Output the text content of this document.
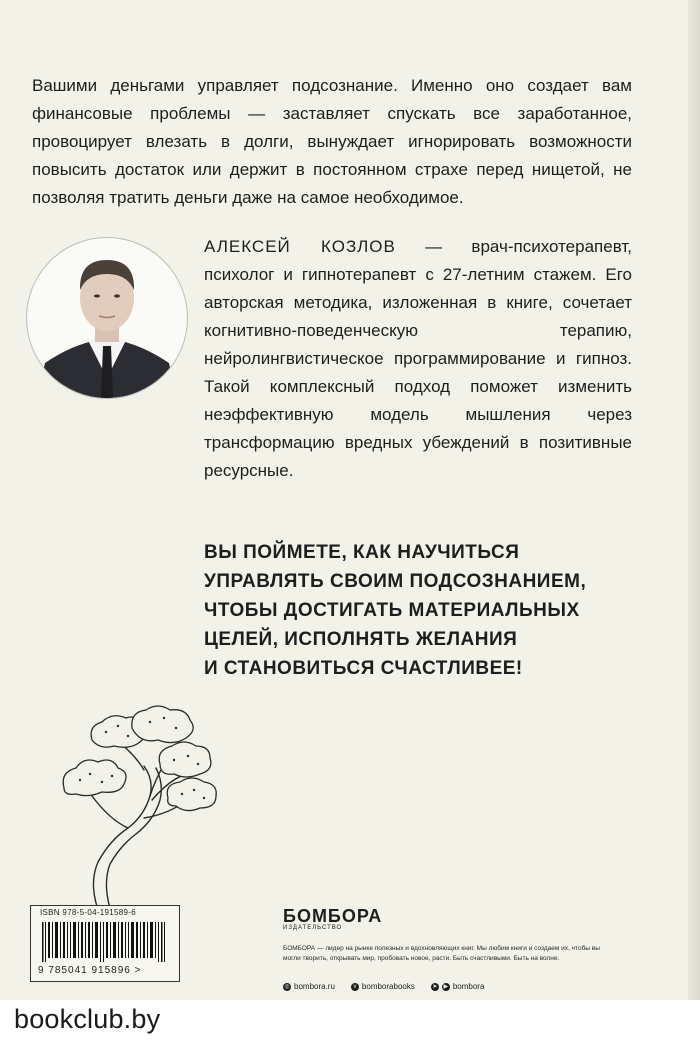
Вашими деньгами управляет подсознание. Именно оно создает вам финансовые проблемы — заставляет спускать все заработанное, провоцирует влезать в долги, вынуждает игнорировать возможности повысить достаток или держит в постоянном страхе перед нищетой, не позволяя тратить деньги даже на самое необходимое.

АЛЕКСЕЙ КОЗЛОВ — врач-психотерапевт, психолог и гипнотерапевт с 27-летним стажем. Его авторская методика, изложенная в книге, сочетает когнитивно-поведенческую терапию, нейролингвистическое программирование и гипноз. Такой комплексный подход поможет изменить неэффективную модель мышления через трансформацию вредных убеждений в позитивные ресурсные.

ВЫ ПОЙМЕТЕ, КАК НАУЧИТЬСЯ
УПРАВЛЯТЬ СВОИМ ПОДСОЗНАНИЕМ,
ЧТОБЫ ДОСТИГАТЬ МАТЕРИАЛЬНЫХ
ЦЕЛЕЙ, ИСПОЛНЯТЬ ЖЕЛАНИЯ
И СТАНОВИТЬСЯ СЧАСТЛИВЕЕ!
ISBN 978-5-04-191589-6
9 785041 915896 >
БОМБОРА
ИЗДАТЕЛЬСТВО
БОМБОРА — лидер на рынке полезных и вдохновляющих книг. Мы любим книги и создаем их, чтобы вы могли творить, открывать мир, пробовать новое, расти. Быть счастливыми. Быть на волне.
◎ bombora.ru	v bomborabooks	➤ ▶ bombora
bookclub.by
